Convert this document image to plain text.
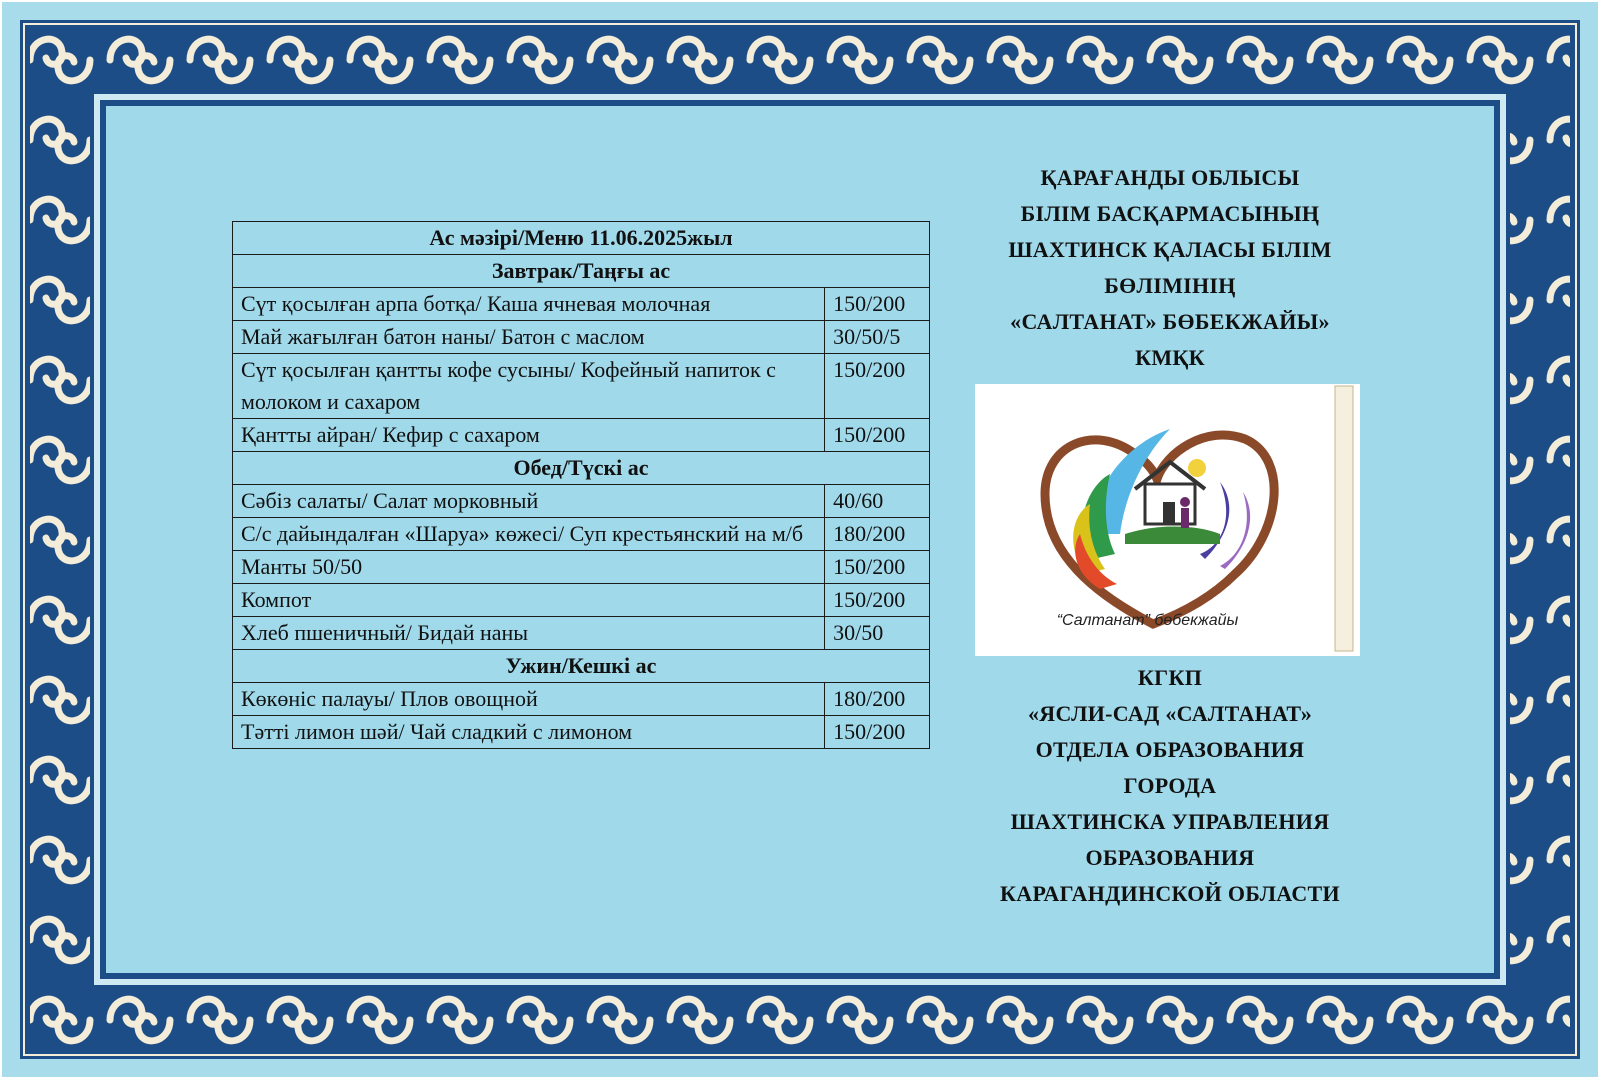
Ас мәзірі/Меню 11.06.2025жыл	
Завтрак/Таңғы ас	
Сүт қосылған арпа ботқа/ Каша ячневая молочная	150/200
Май жағылған батон наны/ Батон с маслом	30/50/5
Сүт қосылған қантты кофе сусыны/ Кофейный напиток с молоком и сахаром	150/200
Қантты айран/ Кефир с сахаром	150/200
Обед/Түскі ас	
Сәбіз салаты/ Салат морковный	40/60
С/с дайындалған «Шаруа» көжесі/ Суп крестьянский на м/б	180/200
Манты 50/50	150/200
Компот	150/200
Хлеб пшеничный/ Бидай наны	30/50
Ужин/Кешкі ас	
Көкөніс палауы/ Плов овощной	180/200
Тәтті лимон шәй/ Чай сладкий с лимоном	150/200
ҚАРАҒАНДЫ ОБЛЫСЫ
БІЛІМ БАСҚАРМАСЫНЫҢ
ШАХТИНСК ҚАЛАСЫ БІЛІМ
БӨЛІМІНІҢ
«САЛТАНАТ» БӨБЕКЖАЙЫ»
КМҚК
“Салтанат” бөбекжайы
КГКП
«ЯСЛИ-САД «САЛТАНАТ»
ОТДЕЛА ОБРАЗОВАНИЯ
ГОРОДА
ШАХТИНСКА УПРАВЛЕНИЯ
ОБРАЗОВАНИЯ
КАРАГАНДИНСКОЙ ОБЛАСТИ
